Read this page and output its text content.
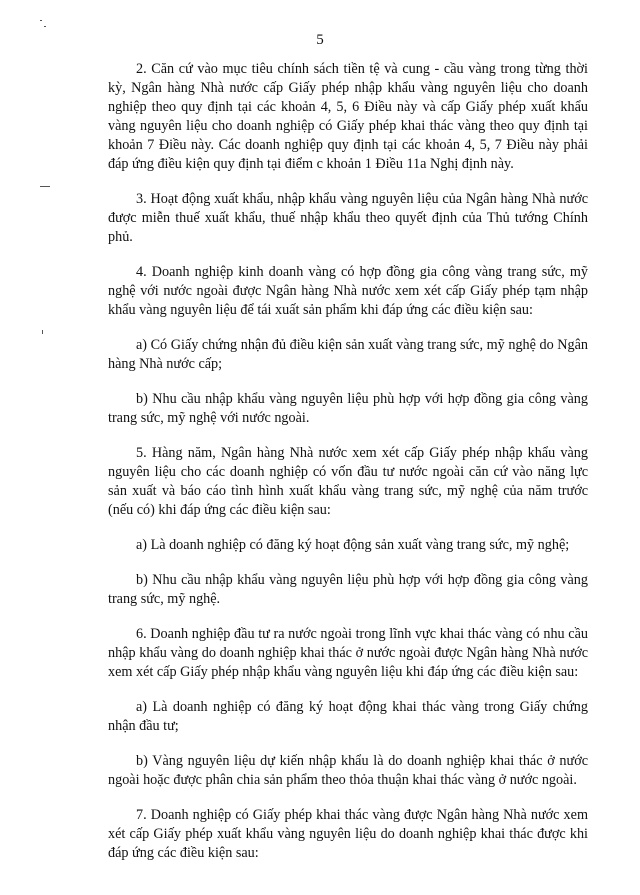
5

2. Căn cứ vào mục tiêu chính sách tiền tệ và cung - cầu vàng trong từng thời kỳ, Ngân hàng Nhà nước cấp Giấy phép nhập khẩu vàng nguyên liệu cho doanh nghiệp theo quy định tại các khoản 4, 5, 6 Điều này và cấp Giấy phép xuất khẩu vàng nguyên liệu cho doanh nghiệp có Giấy phép khai thác vàng theo quy định tại khoản 7 Điều này. Các doanh nghiệp quy định tại các khoản 4, 5, 7 Điều này phải đáp ứng điều kiện quy định tại điểm c khoản 1 Điều 11a Nghị định này.

3. Hoạt động xuất khẩu, nhập khẩu vàng nguyên liệu của Ngân hàng Nhà nước được miễn thuế xuất khẩu, thuế nhập khẩu theo quyết định của Thủ tướng Chính phủ.

4. Doanh nghiệp kinh doanh vàng có hợp đồng gia công vàng trang sức, mỹ nghệ với nước ngoài được Ngân hàng Nhà nước xem xét cấp Giấy phép tạm nhập khẩu vàng nguyên liệu để tái xuất sản phẩm khi đáp ứng các điều kiện sau:

a) Có Giấy chứng nhận đủ điều kiện sản xuất vàng trang sức, mỹ nghệ do Ngân hàng Nhà nước cấp;

b) Nhu cầu nhập khẩu vàng nguyên liệu phù hợp với hợp đồng gia công vàng trang sức, mỹ nghệ với nước ngoài.

5. Hàng năm, Ngân hàng Nhà nước xem xét cấp Giấy phép nhập khẩu vàng nguyên liệu cho các doanh nghiệp có vốn đầu tư nước ngoài căn cứ vào năng lực sản xuất và báo cáo tình hình xuất khẩu vàng trang sức, mỹ nghệ của năm trước (nếu có) khi đáp ứng các điều kiện sau:

a) Là doanh nghiệp có đăng ký hoạt động sản xuất vàng trang sức, mỹ nghệ;

b) Nhu cầu nhập khẩu vàng nguyên liệu phù hợp với hợp đồng gia công vàng trang sức, mỹ nghệ.

6. Doanh nghiệp đầu tư ra nước ngoài trong lĩnh vực khai thác vàng có nhu cầu nhập khẩu vàng do doanh nghiệp khai thác ở nước ngoài được Ngân hàng Nhà nước xem xét cấp Giấy phép nhập khẩu vàng nguyên liệu khi đáp ứng các điều kiện sau:

a) Là doanh nghiệp có đăng ký hoạt động khai thác vàng trong Giấy chứng nhận đầu tư;

b) Vàng nguyên liệu dự kiến nhập khẩu là do doanh nghiệp khai thác ở nước ngoài hoặc được phân chia sản phẩm theo thỏa thuận khai thác vàng ở nước ngoài.

7. Doanh nghiệp có Giấy phép khai thác vàng được Ngân hàng Nhà nước xem xét cấp Giấy phép xuất khẩu vàng nguyên liệu do doanh nghiệp khai thác được khi đáp ứng các điều kiện sau:
